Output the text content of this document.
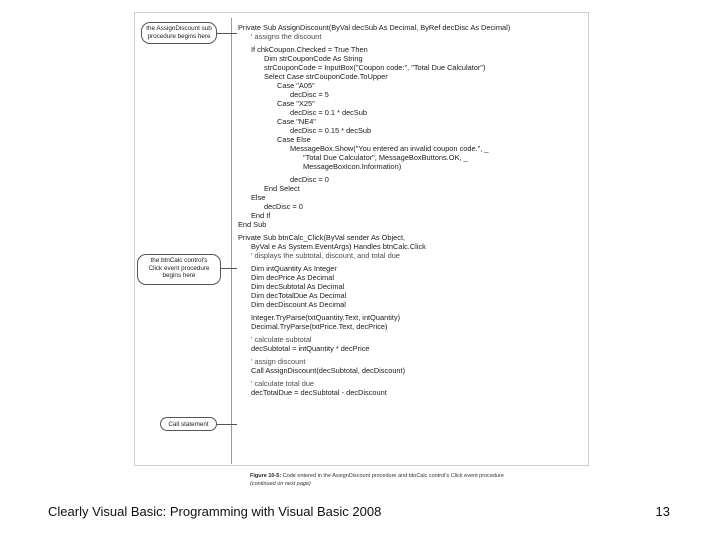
the AssignDiscount sub
procedure begins here
the btnCalc control's
Click event procedure
begins here
Call statement
Private Sub AssignDiscount(ByVal decSub As Decimal, ByRef decDisc As Decimal)
' assigns the discount
If chkCoupon.Checked = True Then
Dim strCouponCode As String
strCouponCode = InputBox("Coupon code:", "Total Due Calculator")
Select Case strCouponCode.ToUpper
Case "A05"
decDisc = 5
Case "X25"
decDisc = 0.1 * decSub
Case "NE4"
decDisc = 0.15 * decSub
Case Else
MessageBox.Show("You entered an invalid coupon code.", _
"Total Due Calculator", MessageBoxButtons.OK, _
MessageBoxIcon.Information)
decDisc = 0
End Select
Else
decDisc = 0
End If
End Sub
Private Sub btnCalc_Click(ByVal sender As Object,
ByVal e As System.EventArgs) Handles btnCalc.Click
' displays the subtotal, discount, and total due
Dim intQuantity As Integer
Dim decPrice As Decimal
Dim decSubtotal As Decimal
Dim decTotalDue As Decimal
Dim decDiscount As Decimal
Integer.TryParse(txtQuantity.Text, intQuantity)
Decimal.TryParse(txtPrice.Text, decPrice)
' calculate subtotal
decSubtotal = intQuantity * decPrice
' assign discount
Call AssignDiscount(decSubtotal, decDiscount)
' calculate total due
decTotalDue = decSubtotal - decDiscount
Figure 10-5: Code entered in the AssignDiscount procedure and btnCalc control's Click event procedure
(continued on next page)
Clearly Visual Basic: Programming with Visual Basic 2008	13
